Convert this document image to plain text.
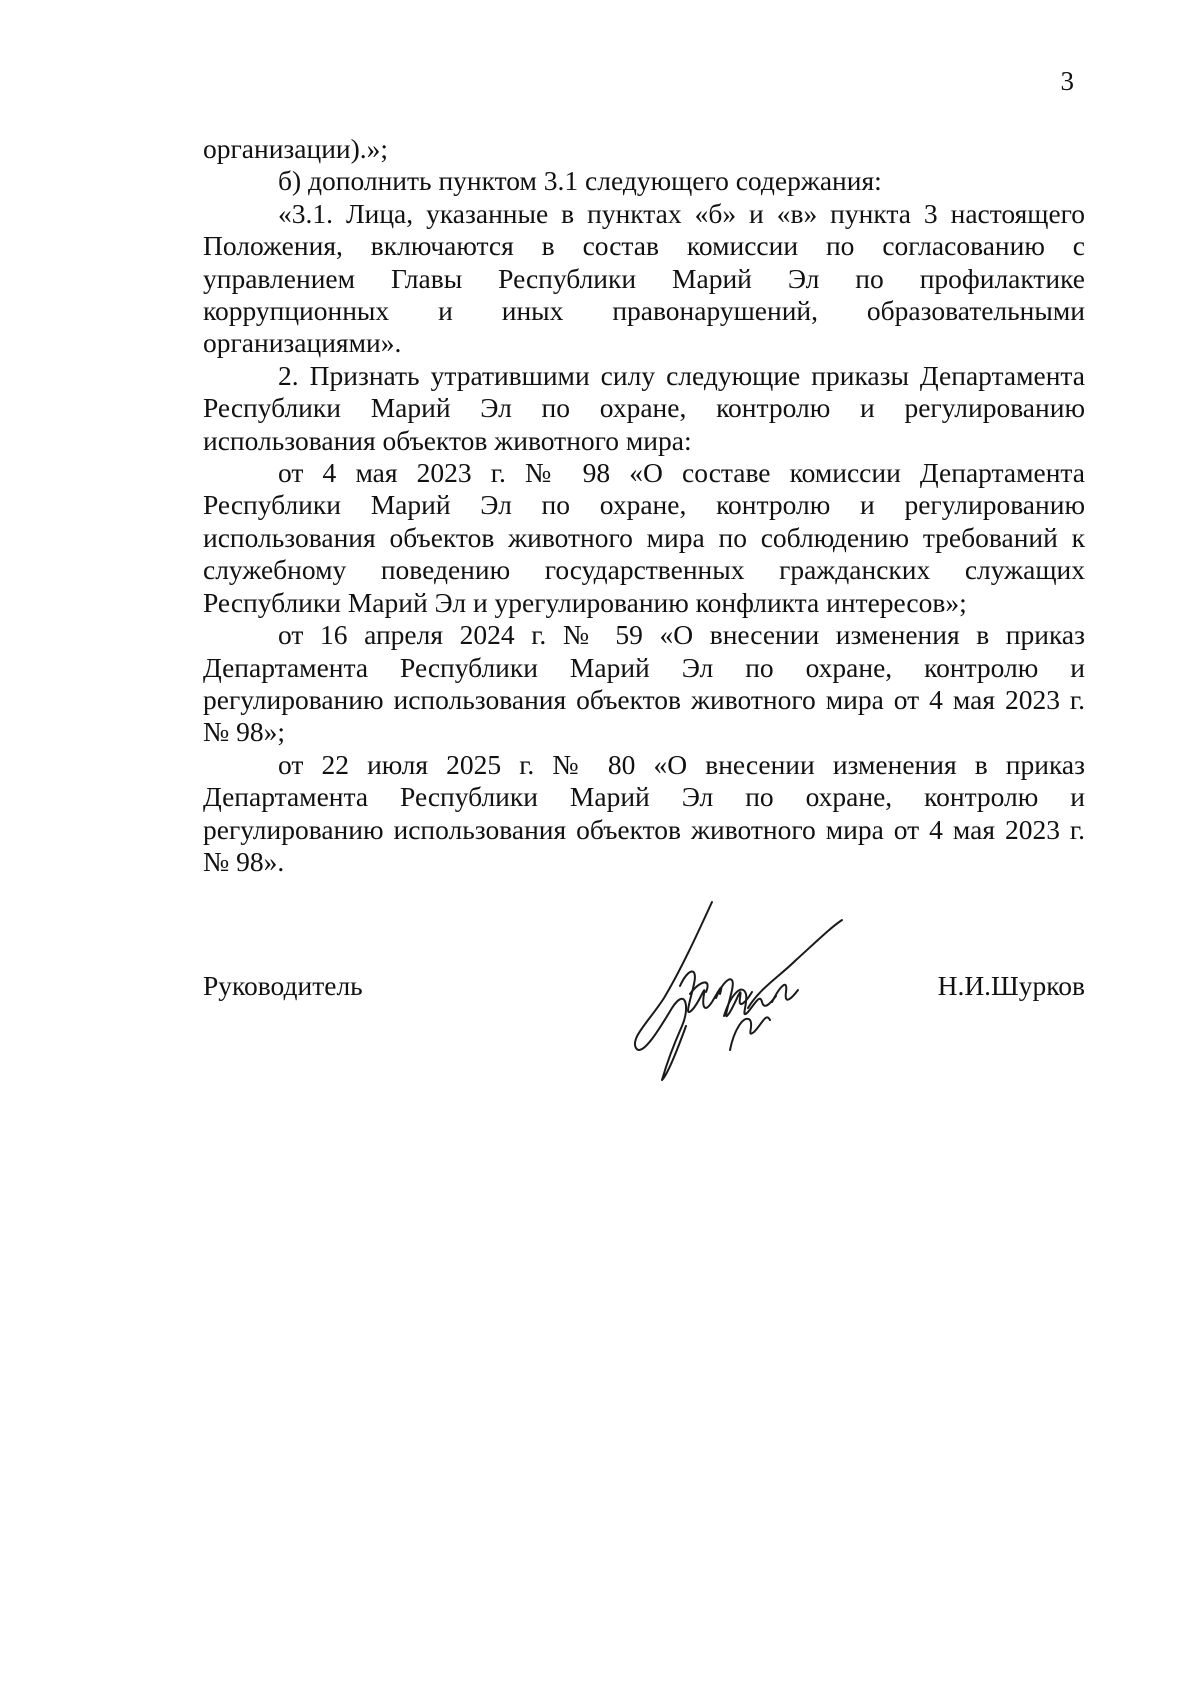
3

организации).»;

б) дополнить пунктом 3.1 следующего содержания:

«3.1. Лица, указанные в пунктах «б» и «в» пункта 3 настоящего Положения, включаются в состав комиссии по согласованию с управлением Главы Республики Марий Эл по профилактике коррупционных и иных правонарушений, образовательными организациями».

2. Признать утратившими силу следующие приказы Департамента Республики Марий Эл по охране, контролю и регулированию использования объектов животного мира:

от 4 мая 2023 г. № 98 «О составе комиссии Департамента Республики Марий Эл по охране, контролю и регулированию использования объектов животного мира по соблюдению требований к служебному поведению государственных гражданских служащих Республики Марий Эл и урегулированию конфликта интересов»;

от 16 апреля 2024 г. № 59 «О внесении изменения в приказ Департамента Республики Марий Эл по охране, контролю и регулированию использования объектов животного мира от 4 мая 2023 г. № 98»;

от 22 июля 2025 г. № 80 «О внесении изменения в приказ Департамента Республики Марий Эл по охране, контролю и регулированию использования объектов животного мира от 4 мая 2023 г. № 98».

Руководитель	Н.И.Шурков
